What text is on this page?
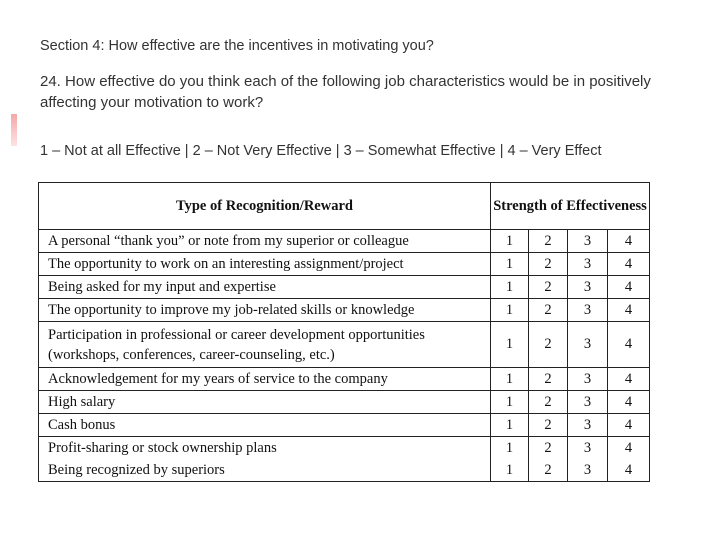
Section 4: How effective are the incentives in motivating you?
24. How effective do you think each of the following job characteristics would be in positively affecting your motivation to work?
1 – Not at all Effective | 2 – Not Very Effective | 3 – Somewhat Effective | 4 – Very Effect
Type of Recognition/Reward	Strength of Effectiveness			
A personal “thank you” or note from my superior or colleague	1	2	3	4
The opportunity to work on an interesting assignment/project	1	2	3	4
Being asked for my input and expertise	1	2	3	4
The opportunity to improve my job-related skills or knowledge	1	2	3	4
Participation in professional or career development opportunities (workshops, conferences, career-counseling, etc.)	1	2	3	4
Acknowledgement for my years of service to the company	1	2	3	4
High salary	1	2	3	4
Cash bonus	1	2	3	4
Profit-sharing or stock ownership plans	1	2	3	4
Being recognized by superiors	1	2	3	4
